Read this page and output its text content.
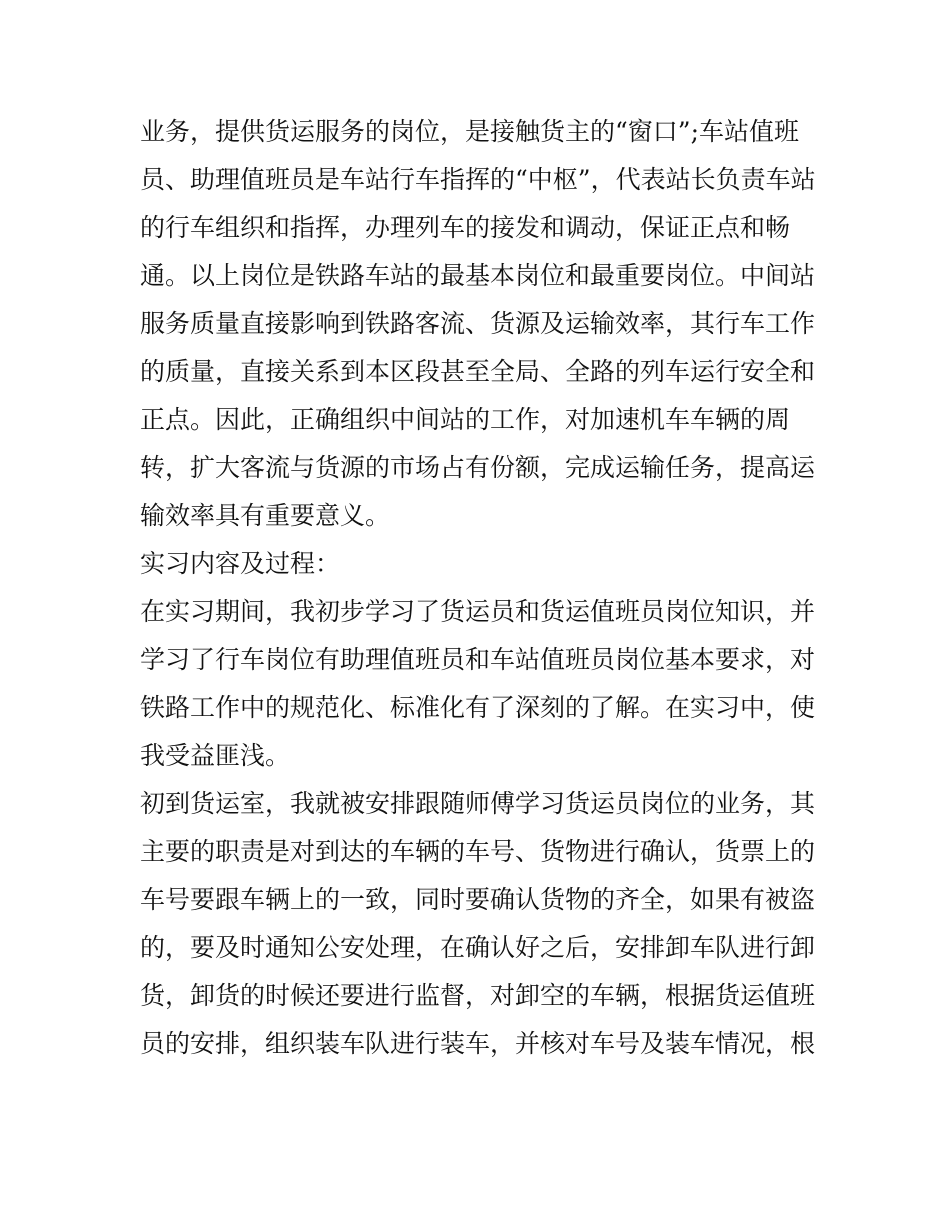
业务，提供货运服务的岗位，是接触货主的“窗口”;车站值班
员、助理值班员是车站行车指挥的“中枢”，代表站长负责车站
的行车组织和指挥，办理列车的接发和调动，保证正点和畅
通。以上岗位是铁路车站的最基本岗位和最重要岗位。中间站
服务质量直接影响到铁路客流、货源及运输效率，其行车工作
的质量，直接关系到本区段甚至全局、全路的列车运行安全和
正点。因此，正确组织中间站的工作，对加速机车车辆的周
转，扩大客流与货源的市场占有份额，完成运输任务，提高运
输效率具有重要意义。
实习内容及过程：
在实习期间，我初步学习了货运员和货运值班员岗位知识，并
学习了行车岗位有助理值班员和车站值班员岗位基本要求，对
铁路工作中的规范化、标准化有了深刻的了解。在实习中，使
我受益匪浅。
初到货运室，我就被安排跟随师傅学习货运员岗位的业务，其
主要的职责是对到达的车辆的车号、货物进行确认，货票上的
车号要跟车辆上的一致，同时要确认货物的齐全，如果有被盗
的，要及时通知公安处理，在确认好之后，安排卸车队进行卸
货，卸货的时候还要进行监督，对卸空的车辆，根据货运值班
员的安排，组织装车队进行装车，并核对车号及装车情况，根
